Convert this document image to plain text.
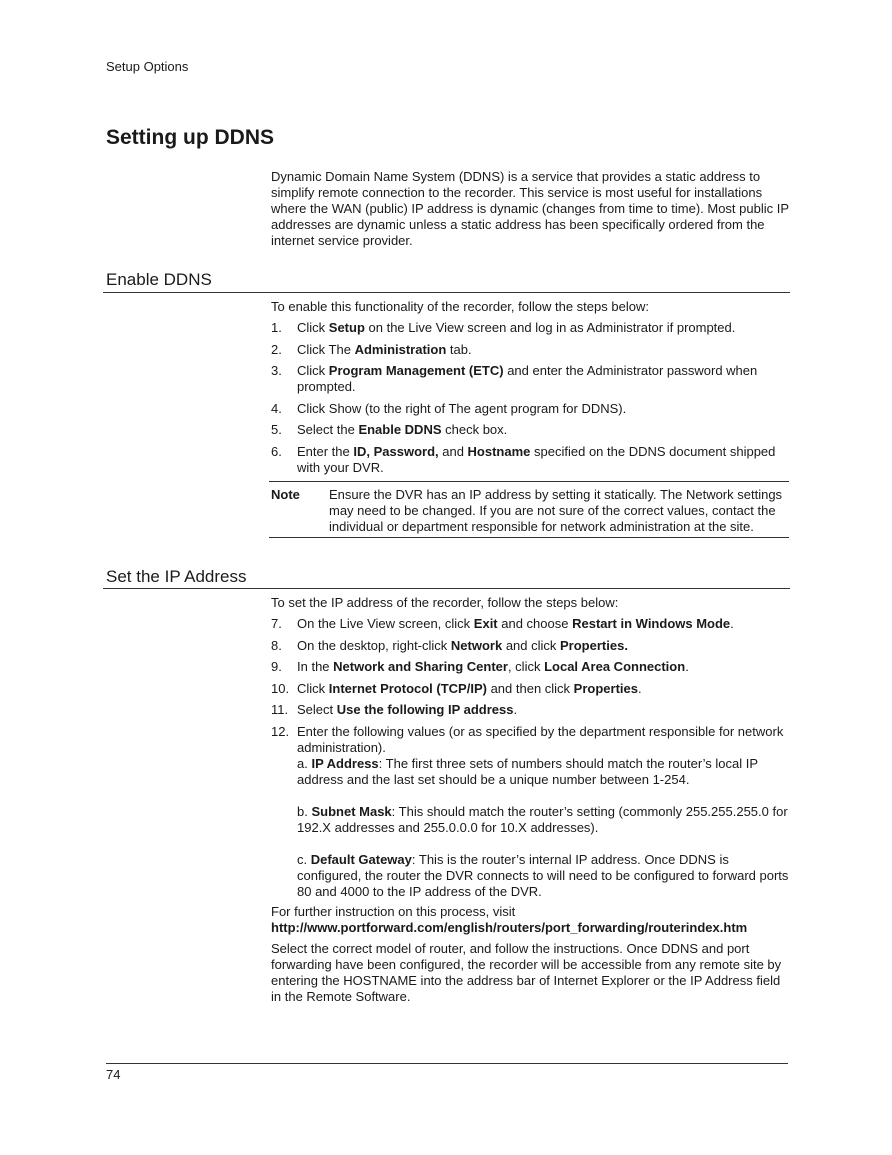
Setup Options
Setting up DDNS

Dynamic Domain Name System (DDNS) is a service that provides a static address to simplify remote connection to the recorder. This service is most useful for installations where the WAN (public) IP address is dynamic (changes from time to time). Most public IP addresses are dynamic unless a static address has been specifically ordered from the internet service provider.

Enable DDNS

To enable this functionality of the recorder, follow the steps below:

1. Click Setup on the Live View screen and log in as Administrator if prompted.
2. Click The Administration tab.
3. Click Program Management (ETC) and enter the Administrator password when prompted.
4. Click Show (to the right of The agent program for DDNS).
5. Select the Enable DDNS check box.
6. Enter the ID, Password, and Hostname specified on the DDNS document shipped with your DVR.
Note Ensure the DVR has an IP address by setting it statically. The Network settings may need to be changed. If you are not sure of the correct values, contact the individual or department responsible for network administration at the site.
Set the IP Address

To set the IP address of the recorder, follow the steps below:

7. On the Live View screen, click Exit and choose Restart in Windows Mode.
8. On the desktop, right-click Network and click Properties.
9. In the Network and Sharing Center, click Local Area Connection.
10. Click Internet Protocol (TCP/IP) and then click Properties.
11. Select Use the following IP address.
12. Enter the following values (or as specified by the department responsible for network administration).
a. IP Address: The first three sets of numbers should match the router’s local IP address and the last set should be a unique number between 1-254.
b. Subnet Mask: This should match the router’s setting (commonly 255.255.255.0 for 192.X addresses and 255.0.0.0 for 10.X addresses).
c. Default Gateway: This is the router’s internal IP address. Once DDNS is configured, the router the DVR connects to will need to be configured to forward ports 80 and 4000 to the IP address of the DVR.
For further instruction on this process, visit
http://www.portforward.com/english/routers/port_forwarding/routerindex.htm

Select the correct model of router, and follow the instructions. Once DDNS and port forwarding have been configured, the recorder will be accessible from any remote site by entering the HOSTNAME into the address bar of Internet Explorer or the IP Address field in the Remote Software.

74
